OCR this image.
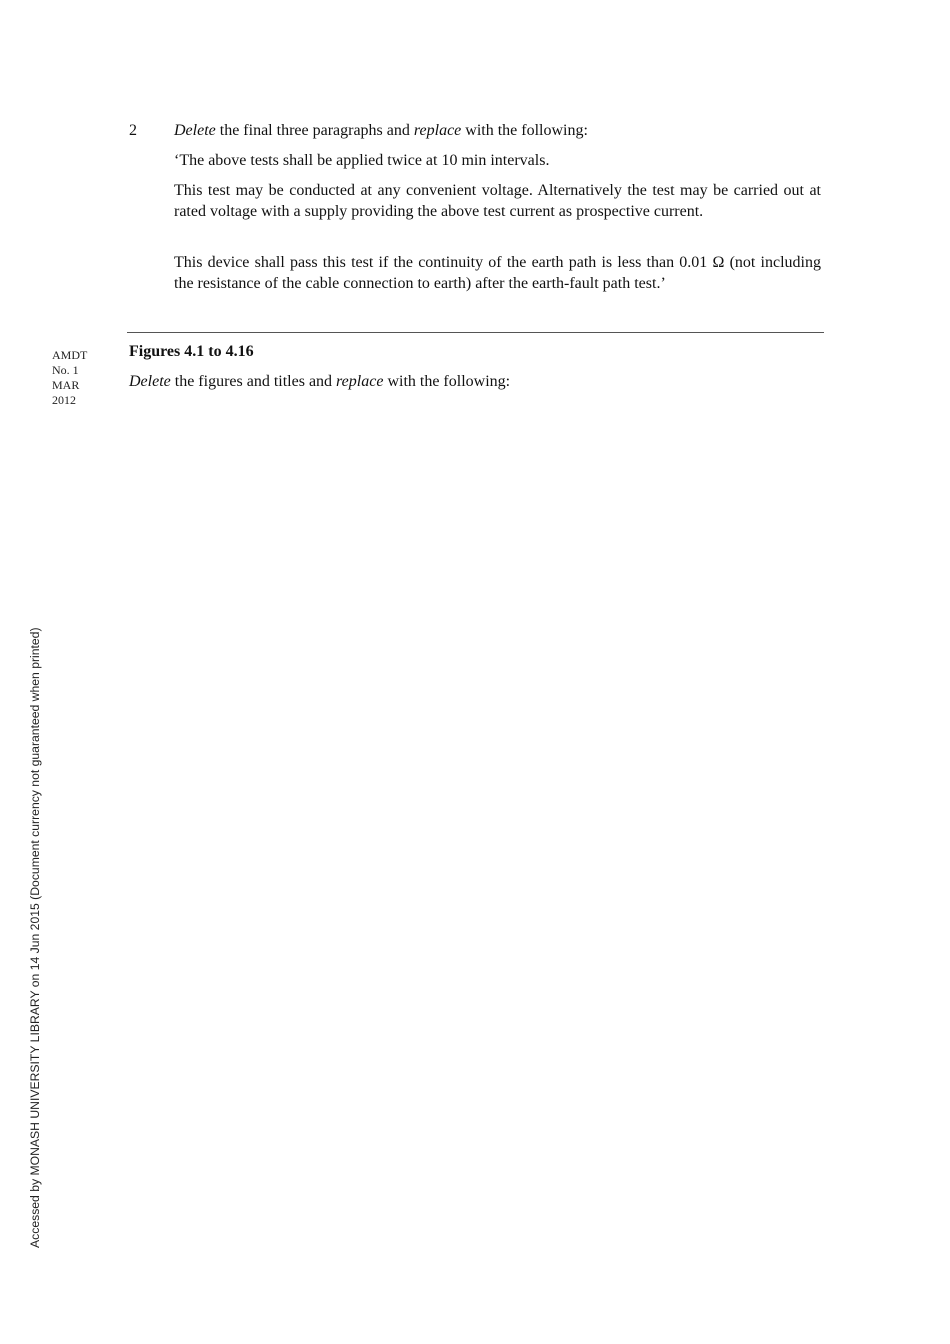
2 Delete the final three paragraphs and replace with the following:

‘The above tests shall be applied twice at 10 min intervals.

This test may be conducted at any convenient voltage. Alternatively the test may be carried out at rated voltage with a supply providing the above test current as prospective current.

This device shall pass this test if the continuity of the earth path is less than 0.01 Ω (not including the resistance of the cable connection to earth) after the earth-fault path test.’

AMDT
No. 1
MAR
2012

Figures 4.1 to 4.16

Delete the figures and titles and replace with the following:

Accessed by MONASH UNIVERSITY LIBRARY on 14 Jun 2015 (Document currency not guaranteed when printed)
